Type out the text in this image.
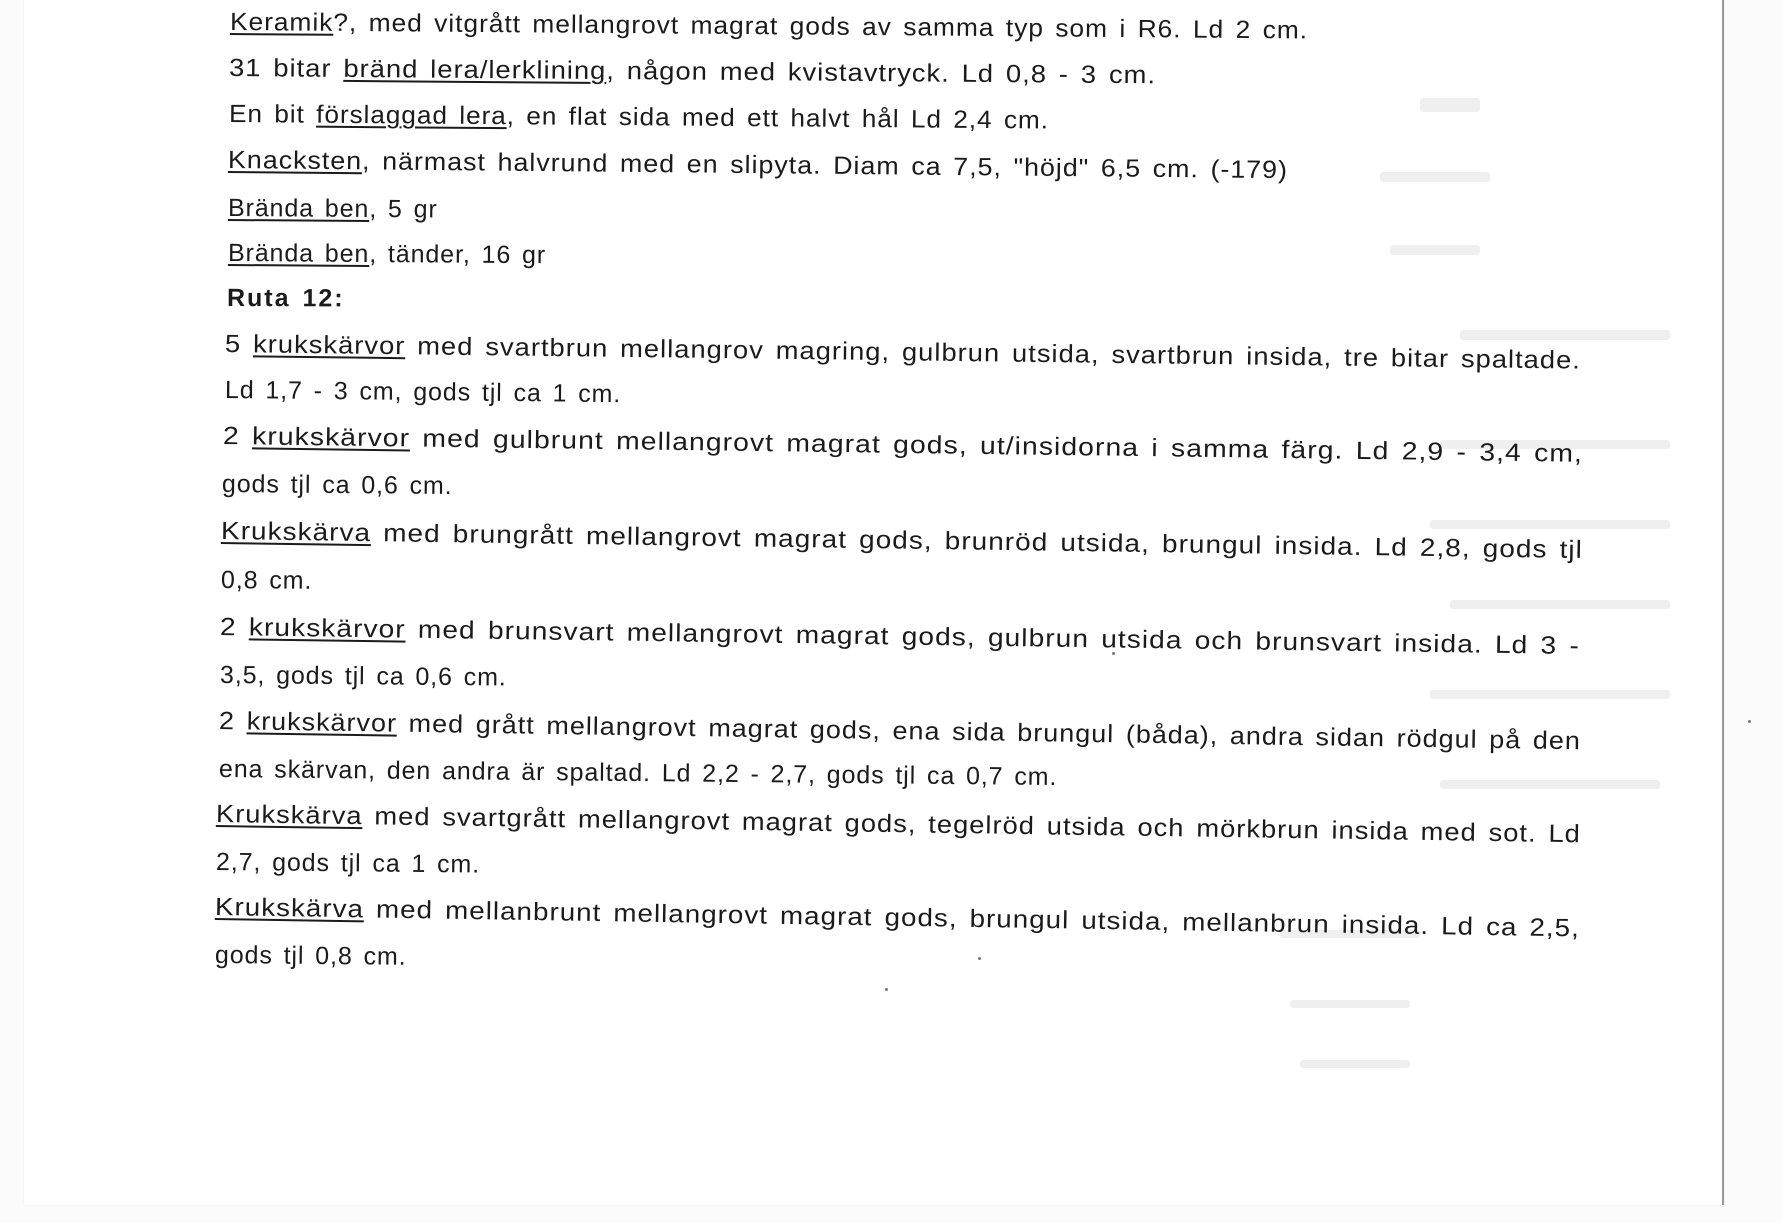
Keramik?, med vitgrått mellangrovt magrat gods av samma typ som i R6. Ld 2 cm.
31 bitar bränd lera/lerklining, någon med kvistavtryck. Ld 0,8 - 3 cm.
En bit förslaggad lera, en flat sida med ett halvt hål Ld 2,4 cm.
Knacksten, närmast halvrund med en slipyta. Diam ca 7,5, "höjd" 6,5 cm. (-179)
Brända ben, 5 gr
Brända ben, tänder, 16 gr
Ruta 12:
5 krukskärvor med svartbrun mellangrov magring, gulbrun utsida, svartbrun insida, tre bitar spaltade.
Ld 1,7 - 3 cm, gods tjl ca 1 cm.
2 krukskärvor med gulbrunt mellangrovt magrat gods, ut/insidorna i samma färg. Ld 2,9 - 3,4 cm,
gods tjl ca 0,6 cm.
Krukskärva med brungrått mellangrovt magrat gods, brunröd utsida, brungul insida. Ld 2,8, gods tjl
0,8 cm.
2 krukskärvor med brunsvart mellangrovt magrat gods, gulbrun utsida och brunsvart insida. Ld 3 -
3,5, gods tjl ca 0,6 cm.
2 krukskärvor med grått mellangrovt magrat gods, ena sida brungul (båda), andra sidan rödgul på den
ena skärvan, den andra är spaltad. Ld 2,2 - 2,7, gods tjl ca 0,7 cm.
Krukskärva med svartgrått mellangrovt magrat gods, tegelröd utsida och mörkbrun insida med sot. Ld
2,7, gods tjl ca 1 cm.
Krukskärva med mellanbrunt mellangrovt magrat gods, brungul utsida, mellanbrun insida. Ld ca 2,5,
gods tjl 0,8 cm.
